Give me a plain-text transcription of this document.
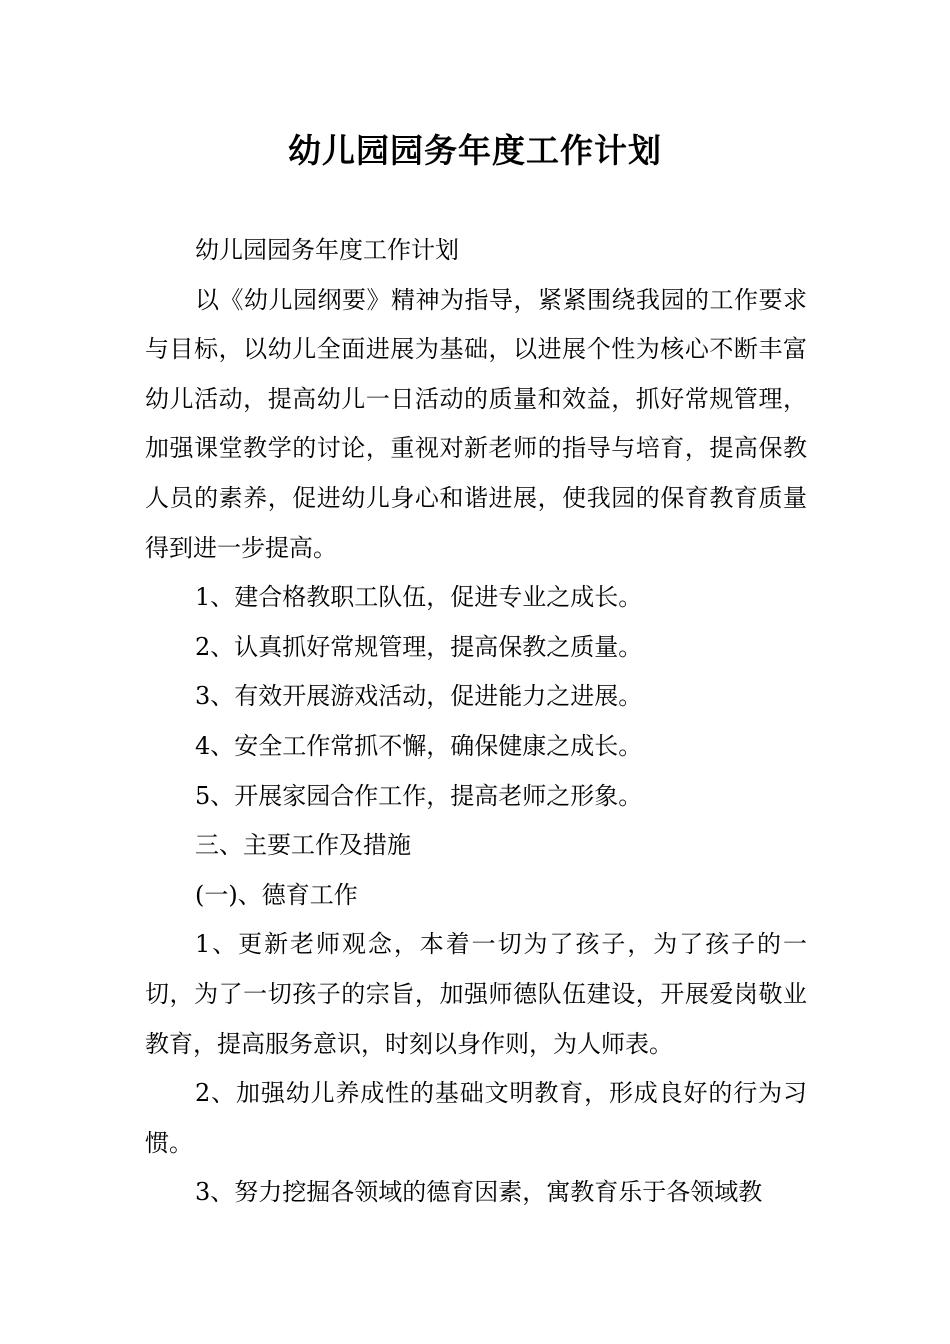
幼儿园园务年度工作计划

幼儿园园务年度工作计划

以《幼儿园纲要》精神为指导，紧紧围绕我园的工作要求与目标，以幼儿全面进展为基础，以进展个性为核心不断丰富幼儿活动，提高幼儿一日活动的质量和效益，抓好常规管理，加强课堂教学的讨论，重视对新老师的指导与培育，提高保教人员的素养，促进幼儿身心和谐进展，使我园的保育教育质量得到进一步提高。

1、建合格教职工队伍，促进专业之成长。

2、认真抓好常规管理，提高保教之质量。

3、有效开展游戏活动，促进能力之进展。

4、安全工作常抓不懈，确保健康之成长。

5、开展家园合作工作，提高老师之形象。

三、主要工作及措施

(一)、德育工作

1、更新老师观念，本着一切为了孩子，为了孩子的一切，为了一切孩子的宗旨，加强师德队伍建设，开展爱岗敬业教育，提高服务意识，时刻以身作则，为人师表。

2、加强幼儿养成性的基础文明教育，形成良好的行为习惯。

3、努力挖掘各领域的德育因素，寓教育乐于各领域教
